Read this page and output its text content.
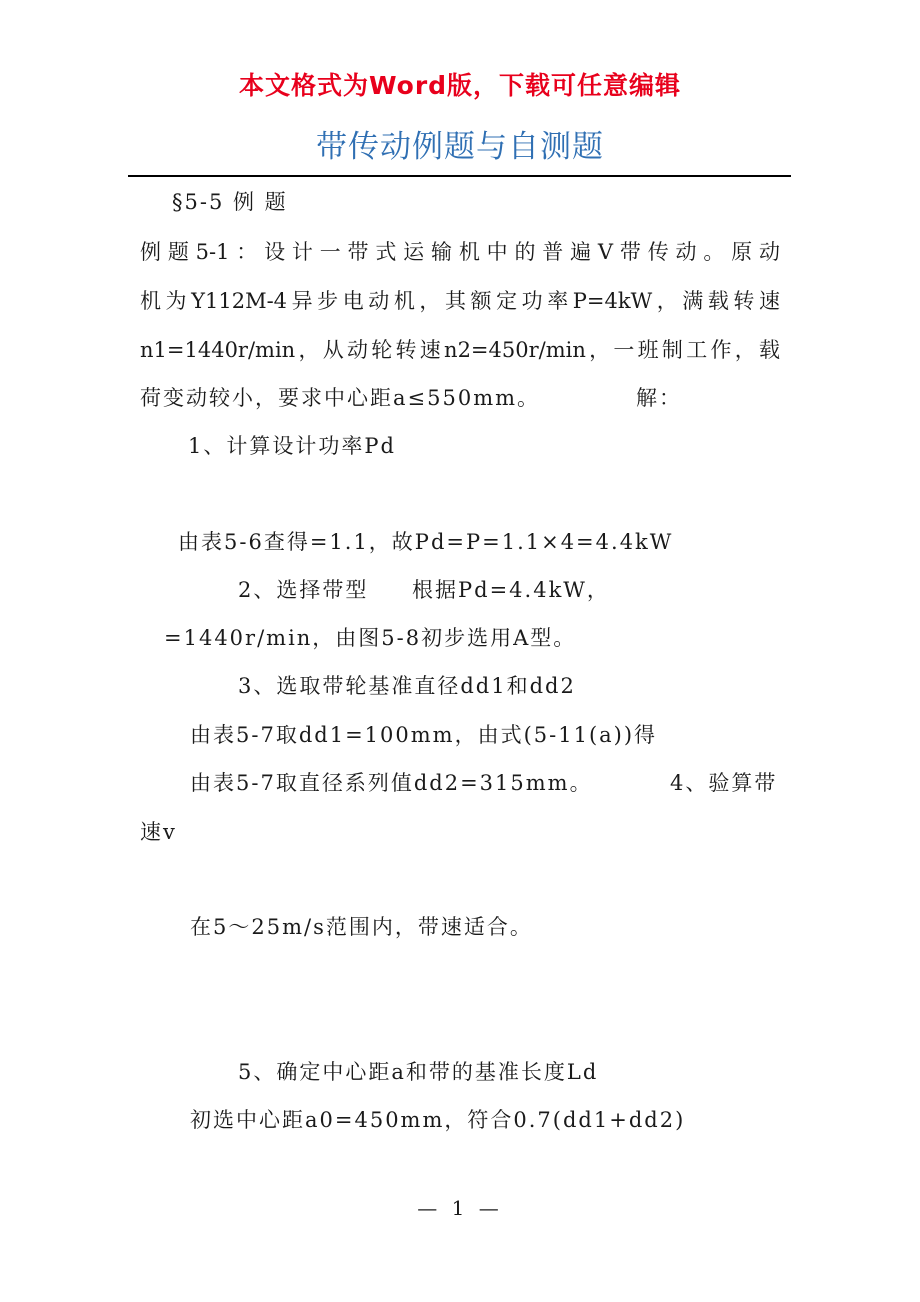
本文格式为Word版，下载可任意编辑
带传动例题与自测题
§5-5 例 题
例题5-1：设计一带式运输机中的普遍V带传动。原动
机为Y112M-4异步电动机，其额定功率P=4kW，满载转速
n1=1440r/min，从动轮转速n2=450r/min，一班制工作，载
荷变动较小，要求中心距a≤550mm。	解：
1、计算设计功率Pd
由表5-6查得=1.1，故Pd=P=1.1×4=4.4kW
2、选择带型 根据Pd=4.4kW，
=1440r/min，由图5-8初步选用A型。
3、选取带轮基准直径dd1和dd2
由表5-7取dd1=100mm，由式(5-11(a))得
由表5-7取直径系列值dd2=315mm。	4、验算带
速v
在5～25m/s范围内，带速适合。
5、确定中心距a和带的基准长度Ld
初选中心距a0=450mm，符合0.7(dd1+dd2)
— 1 —
